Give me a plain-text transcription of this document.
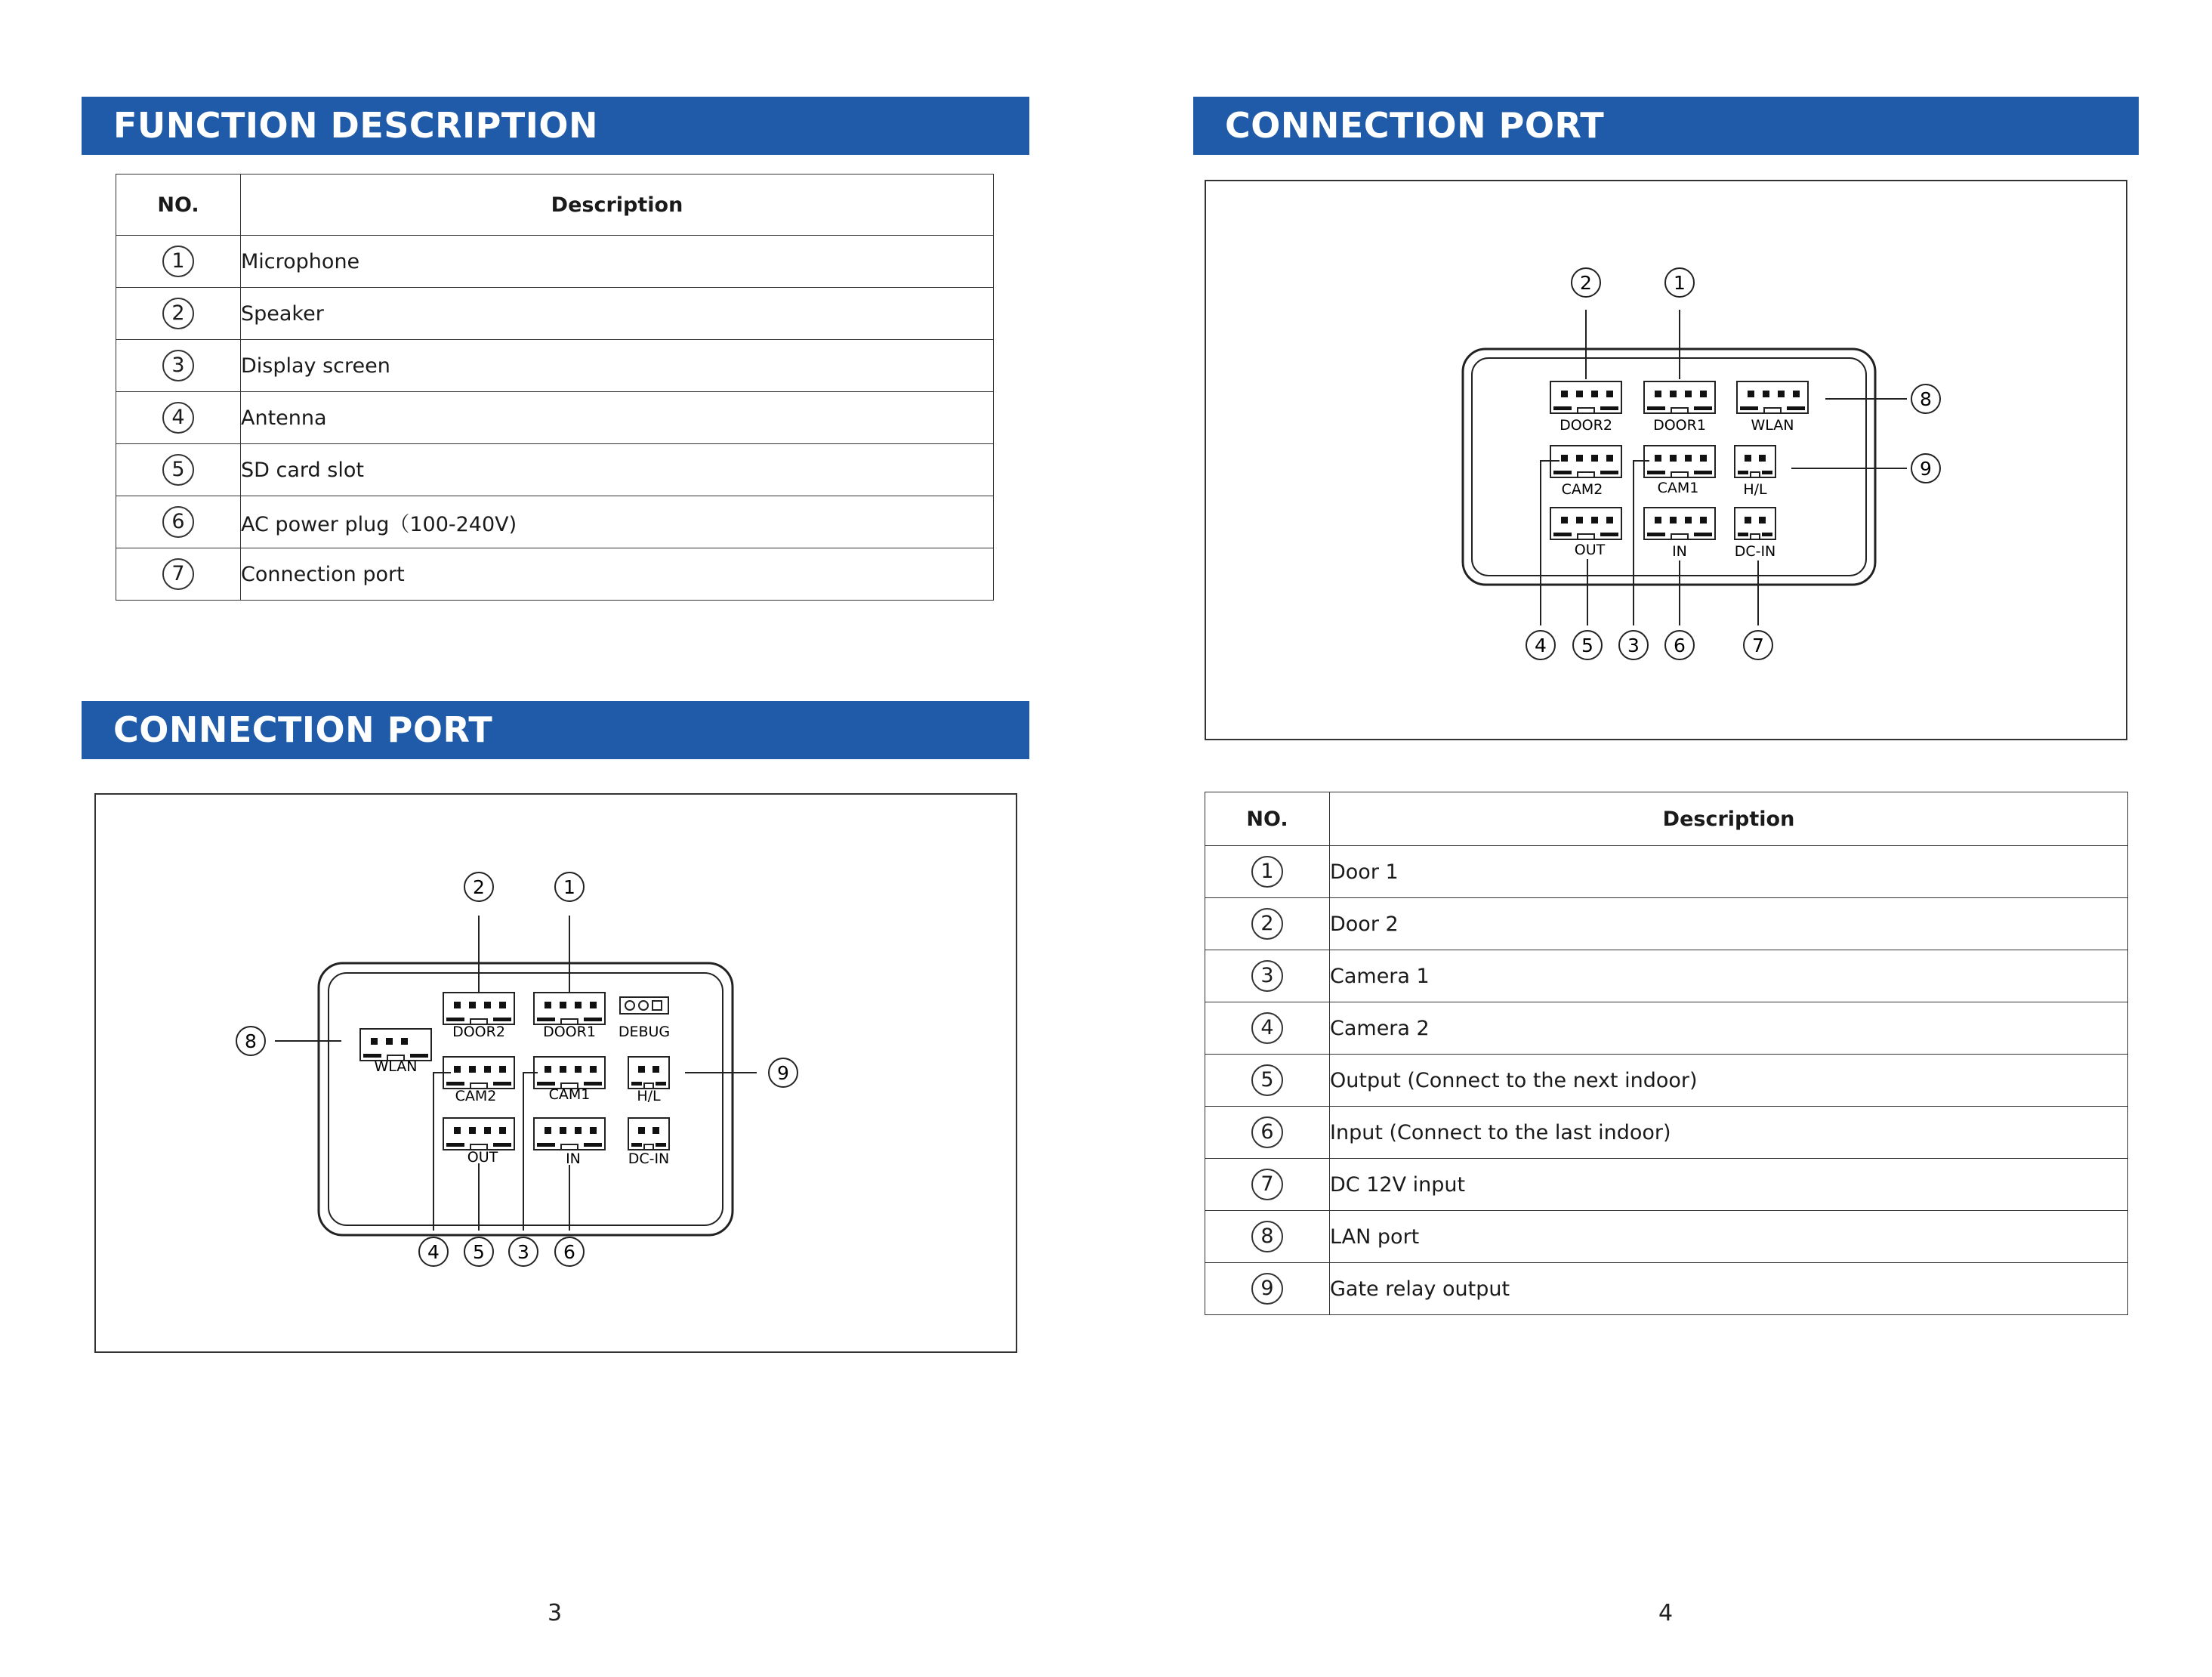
FUNCTION DESCRIPTION
NO.	Description
1	Microphone
2	Speaker
3	Display screen
4	Antenna
5	SD card slot
6	AC power plug（100-240V)
7	Connection port
CONNECTION PORT
WLAN
DOOR2	DOOR1 DEBUG
CAM2	CAM1	H/L
OUT	IN	DC-IN
2	1
8
9
4 5 3 6
3
CONNECTION PORT
DOOR2	DOOR1	WLAN
CAM2	CAM1	H/L
OUT	IN	DC-IN
2	1
8
9
4 5 3 6	7
NO.	Description
1	Door 1
2	Door 2
3	Camera 1
4	Camera 2
5	Output (Connect to the next indoor)
6	Input (Connect to the last indoor)
7	DC 12V input
8	LAN port
9	Gate relay output
4
